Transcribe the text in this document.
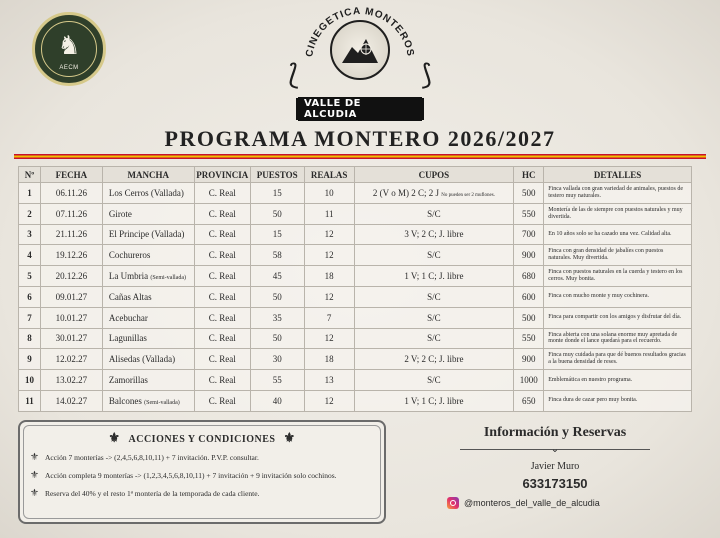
♞
AECM
CINEGETICA MONTEROS
⟅	⟆
VALLE DE ALCUDIA
PROGRAMA MONTERO 2026/2027
Nº	FECHA	MANCHA	PROVINCIA	PUESTOS	REALAS	CUPOS	HC	DETALLES
1	06.11.26	Los Cerros (Vallada)	C. Real	15	10	2 (V o M) 2 C; 2 J No pueden ser 2 muflones.	500	Finca vallada con gran variedad de animales, puestos de testero muy naturales.
2	07.11.26	Girote	C. Real	50	11	S/C	550	Montería de las de siempre con puestos naturales y muy divertida.
3	21.11.26	El Principe (Vallada)	C. Real	15	12	3 V; 2 C; J. libre	700	En 10 años solo se ha cazado una vez. Calidad alta.
4	19.12.26	Cochureros	C. Real	58	12	S/C	900	Finca con gran densidad de jabalíes con puestos naturales. Muy divertida.
5	20.12.26	La Umbria (Semi-vallada)	C. Real	45	18	1 V; 1 C; J. libre	680	Finca con puestos naturales en la cuerda y testero en los cerros. Muy bonita.
6	09.01.27	Cañas Altas	C. Real	50	12	S/C	600	Finca con mucho monte y muy cochinera.
7	10.01.27	Acebuchar	C. Real	35	7	S/C	500	Finca para compartir con los amigos y disfrutar del día.
8	30.01.27	Lagunillas	C. Real	50	12	S/C	550	Finca abierta con una solana enorme muy apretada de monte donde el lance quedará para el recuerdo.
9	12.02.27	Alisedas (Vallada)	C. Real	30	18	2 V; 2 C; J. libre	900	Finca muy cuidada para que dé buenos resultados gracias a la buena densidad de reses.
10	13.02.27	Zamorillas	C. Real	55	13	S/C	1000	Emblemática en nuestro programa.
11	14.02.27	Balcones (Semi-vallada)	C. Real	40	12	1 V; 1 C; J. libre	650	Finca dura de cazar pero muy bonita.
⚜ ACCIONES Y CONDICIONES ⚜
⚜ Acción 7 monterías -> (2,4,5,6,8,10,11) + 7 invitación. P.V.P. consultar.
⚜ Acción completa 9 monterías -> (1,2,3,4,5,6,8,10,11) + 7 invitación + 9 invitación solo cochinos.
⚜ Reserva del 40% y el resto 1ª montería de la temporada de cada cliente.
Información y Reservas
⌄
Javier Muro
633173150
@monteros_del_valle_de_alcudia
